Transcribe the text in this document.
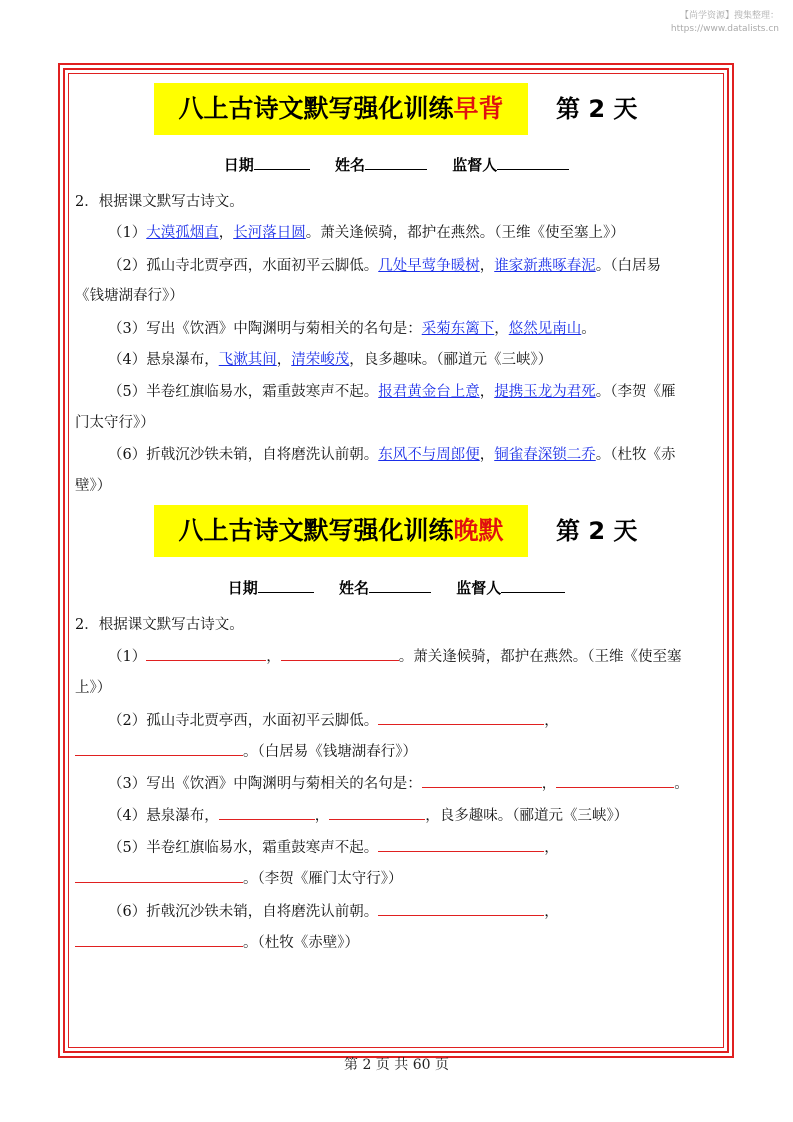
【尚学资源】搜集整理：
https://www.datalists.cn
八上古诗文默写强化训练早背	第 2 天
日期	姓名	监督人
2．根据课文默写古诗文。
（1）大漠孤烟直，长河落日圆。萧关逢候骑，都护在燕然。（王维《使至塞上》）
（2）孤山寺北贾亭西，水面初平云脚低。几处早莺争暖树，谁家新燕啄春泥。（白居易
《钱塘湖春行》）
（3）写出《饮酒》中陶渊明与菊相关的名句是：采菊东篱下，悠然见南山。
（4）悬泉瀑布，飞漱其间，清荣峻茂，良多趣味。（郦道元《三峡》）
（5）半卷红旗临易水，霜重鼓寒声不起。报君黄金台上意，提携玉龙为君死。（李贺《雁
门太守行》）
（6）折戟沉沙铁未销，自将磨洗认前朝。东风不与周郎便，铜雀春深锁二乔。（杜牧《赤
壁》）
八上古诗文默写强化训练晚默	第 2 天
日期	姓名	监督人
2．根据课文默写古诗文。
（1）	，	。萧关逢候骑，都护在燕然。（王维《使至塞
上》）
（2）孤山寺北贾亭西，水面初平云脚低。	，
。（白居易《钱塘湖春行》）
（3）写出《饮酒》中陶渊明与菊相关的名句是：	，	。
（4）悬泉瀑布，	，	，良多趣味。（郦道元《三峡》）
（5）半卷红旗临易水，霜重鼓寒声不起。	，
。（李贺《雁门太守行》）
（6）折戟沉沙铁未销，自将磨洗认前朝。	，
。（杜牧《赤壁》）
第 2 页 共 60 页
